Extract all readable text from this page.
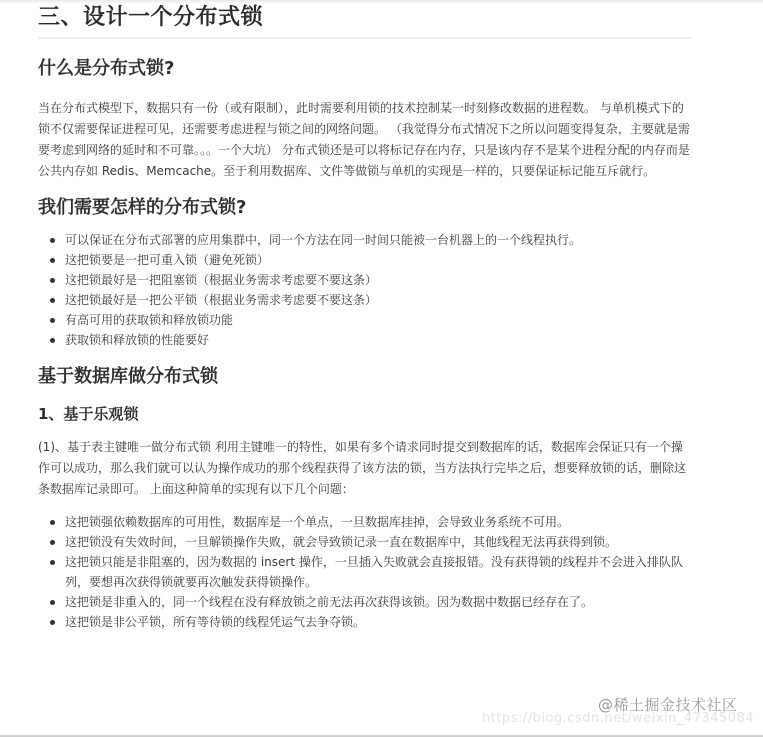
三、设计一个分布式锁
什么是分布式锁?

当在分布式模型下，数据只有一份（或有限制），此时需要利用锁的技术控制某一时刻修改数据的进程数。 与单机模式下的锁不仅需要保证进程可见，还需要考虑进程与锁之间的网络问题。 （我觉得分布式情况下之所以问题变得复杂，主要就是需要考虑到网络的延时和不可靠。。。一个大坑） 分布式锁还是可以将标记存在内存，只是该内存不是某个进程分配的内存而是公共内存如 Redis、Memcache。至于利用数据库、文件等做锁与单机的实现是一样的，只要保证标记能互斥就行。

我们需要怎样的分布式锁?
可以保证在分布式部署的应用集群中，同一个方法在同一时间只能被一台机器上的一个线程执行。
这把锁要是一把可重入锁（避免死锁）
这把锁最好是一把阻塞锁（根据业务需求考虑要不要这条）
这把锁最好是一把公平锁（根据业务需求考虑要不要这条）
有高可用的获取锁和释放锁功能
获取锁和释放锁的性能要好
基于数据库做分布式锁
1、基于乐观锁

(1)、基于表主键唯一做分布式锁 利用主键唯一的特性，如果有多个请求同时提交到数据库的话，数据库会保证只有一个操作可以成功，那么我们就可以认为操作成功的那个线程获得了该方法的锁，当方法执行完毕之后，想要释放锁的话，删除这条数据库记录即可。 上面这种简单的实现有以下几个问题：

这把锁强依赖数据库的可用性，数据库是一个单点，一旦数据库挂掉，会导致业务系统不可用。
这把锁没有失效时间，一旦解锁操作失败，就会导致锁记录一直在数据库中，其他线程无法再获得到锁。
这把锁只能是非阻塞的，因为数据的 insert 操作，一旦插入失败就会直接报错。没有获得锁的线程并不会进入排队队列，要想再次获得锁就要再次触发获得锁操作。
这把锁是非重入的，同一个线程在没有释放锁之前无法再次获得该锁。因为数据中数据已经存在了。
这把锁是非公平锁，所有等待锁的线程凭运气去争夺锁。
https://blog.csdn.net/weixin_47345084
@稀土掘金技术社区
